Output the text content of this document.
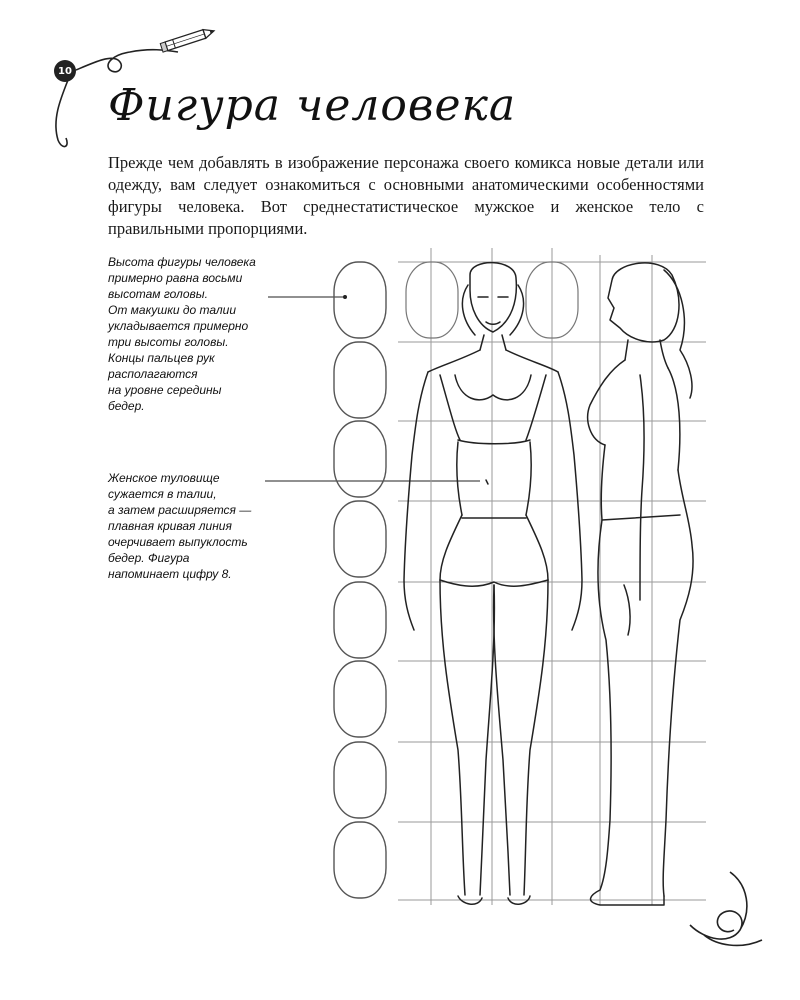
10
Фигура человека

Прежде чем добавлять в изображение персонажа своего комикса новые детали или одежду, вам следует ознакомиться с основными анатомическими особенностями фигуры человека. Вот среднестатистическое мужское и женское тело с правильными пропорциями.

Высота фигуры человека
примерно равна восьми
высотам головы.
От макушки до талии
укладывается примерно
три высоты головы.
Концы пальцев рук
располагаются
на уровне середины
бедер.

Женское туловище
сужается в талии,
а затем расширяется —
плавная кривая линия
очерчивает выпуклость
бедер. Фигура
напоминает цифру 8.
